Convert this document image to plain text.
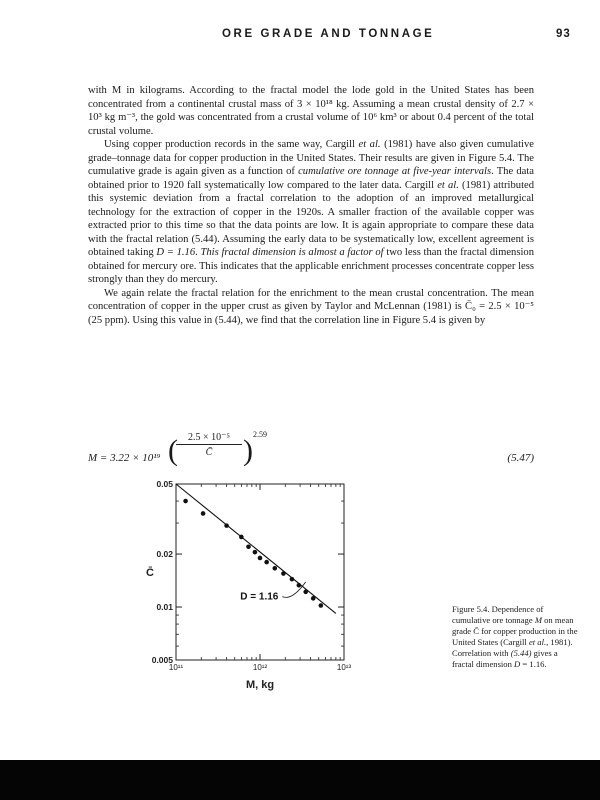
ORE GRADE AND TONNAGE	93

with M in kilograms. According to the fractal model the lode gold in the United States has been concentrated from a continental crustal mass of 3 × 10¹⁸ kg. Assuming a mean crustal density of 2.7 × 10³ kg m⁻³, the gold was concentrated from a crustal volume of 10⁶ km³ or about 0.4 percent of the total crustal volume.

Using copper production records in the same way, Cargill et al. (1981) have also given cumulative grade–tonnage data for copper production in the United States. Their results are given in Figure 5.4. The cumulative grade is again given as a function of cumulative ore tonnage at five-year intervals. The data obtained prior to 1920 fall systematically low compared to the later data. Cargill et al. (1981) attributed this systemic deviation from a fractal correlation to the adoption of an improved metallurgical technology for the extraction of copper in the 1920s. A smaller fraction of the available copper was extracted prior to this time so that the data points are low. It is again appropriate to compare these data with the fractal relation (5.44). Assuming the early data to be systematically low, excellent agreement is obtained taking D = 1.16. This fractal dimension is almost a factor of two less than the fractal dimension obtained for mercury ore. This indicates that the applicable enrichment processes concentrate copper less strongly than they do mercury.

We again relate the fractal relation for the enrichment to the mean crustal concentration. The mean concentration of copper in the upper crust as given by Taylor and McLennan (1981) is C̄₀ = 2.5 × 10⁻⁵ (25 ppm). Using this value in (5.44), we find that the correlation line in Figure 5.4 is given by

M = 3.22 × 10¹⁹ (
$\frac{\text{2.5 × 10⁻⁵}}{C̄}$ ) 2.59
(5.47)
10¹¹	10¹²	10¹³
0.005
0.01
0.02
0.05
C̄
M, kg
D = 1.16

Figure 5.4. Dependence of cumulative ore tonnage M on mean grade C̄ for copper production in the United States (Cargill et al., 1981). Correlation with (5.44) gives a fractal dimension D = 1.16.
